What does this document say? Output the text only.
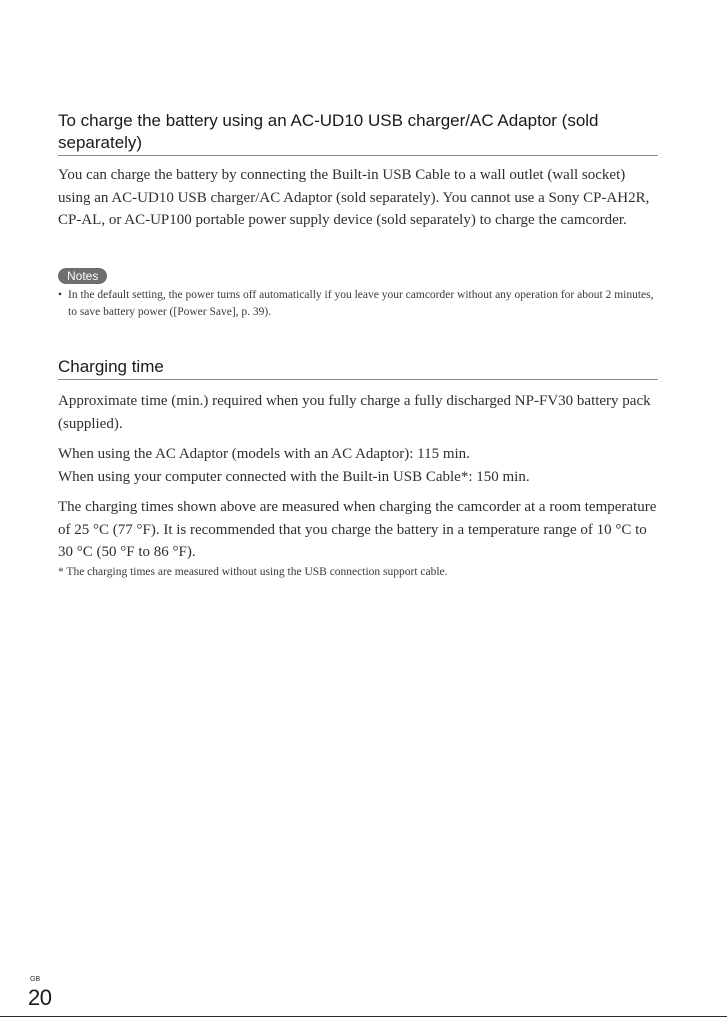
To charge the battery using an AC-UD10 USB charger/AC Adaptor (sold separately)

You can charge the battery by connecting the Built-in USB Cable to a wall outlet (wall socket) using an AC-UD10 USB charger/AC Adaptor (sold separately). You cannot use a Sony CP-AH2R, CP-AL, or AC-UP100 portable power supply device (sold separately) to charge the camcorder.

Notes

• In the default setting, the power turns off automatically if you leave your camcorder without any operation for about 2 minutes, to save battery power ([Power Save], p. 39).

Charging time

Approximate time (min.) required when you fully charge a fully discharged NP-FV30 battery pack (supplied).

When using the AC Adaptor (models with an AC Adaptor): 115 min.

When using your computer connected with the Built-in USB Cable*: 150 min.

The charging times shown above are measured when charging the camcorder at a room temperature of 25 °C (77 °F). It is recommended that you charge the battery in a temperature range of 10 °C to 30 °C (50 °F to 86 °F).

* The charging times are measured without using the USB connection support cable.

GB
20
